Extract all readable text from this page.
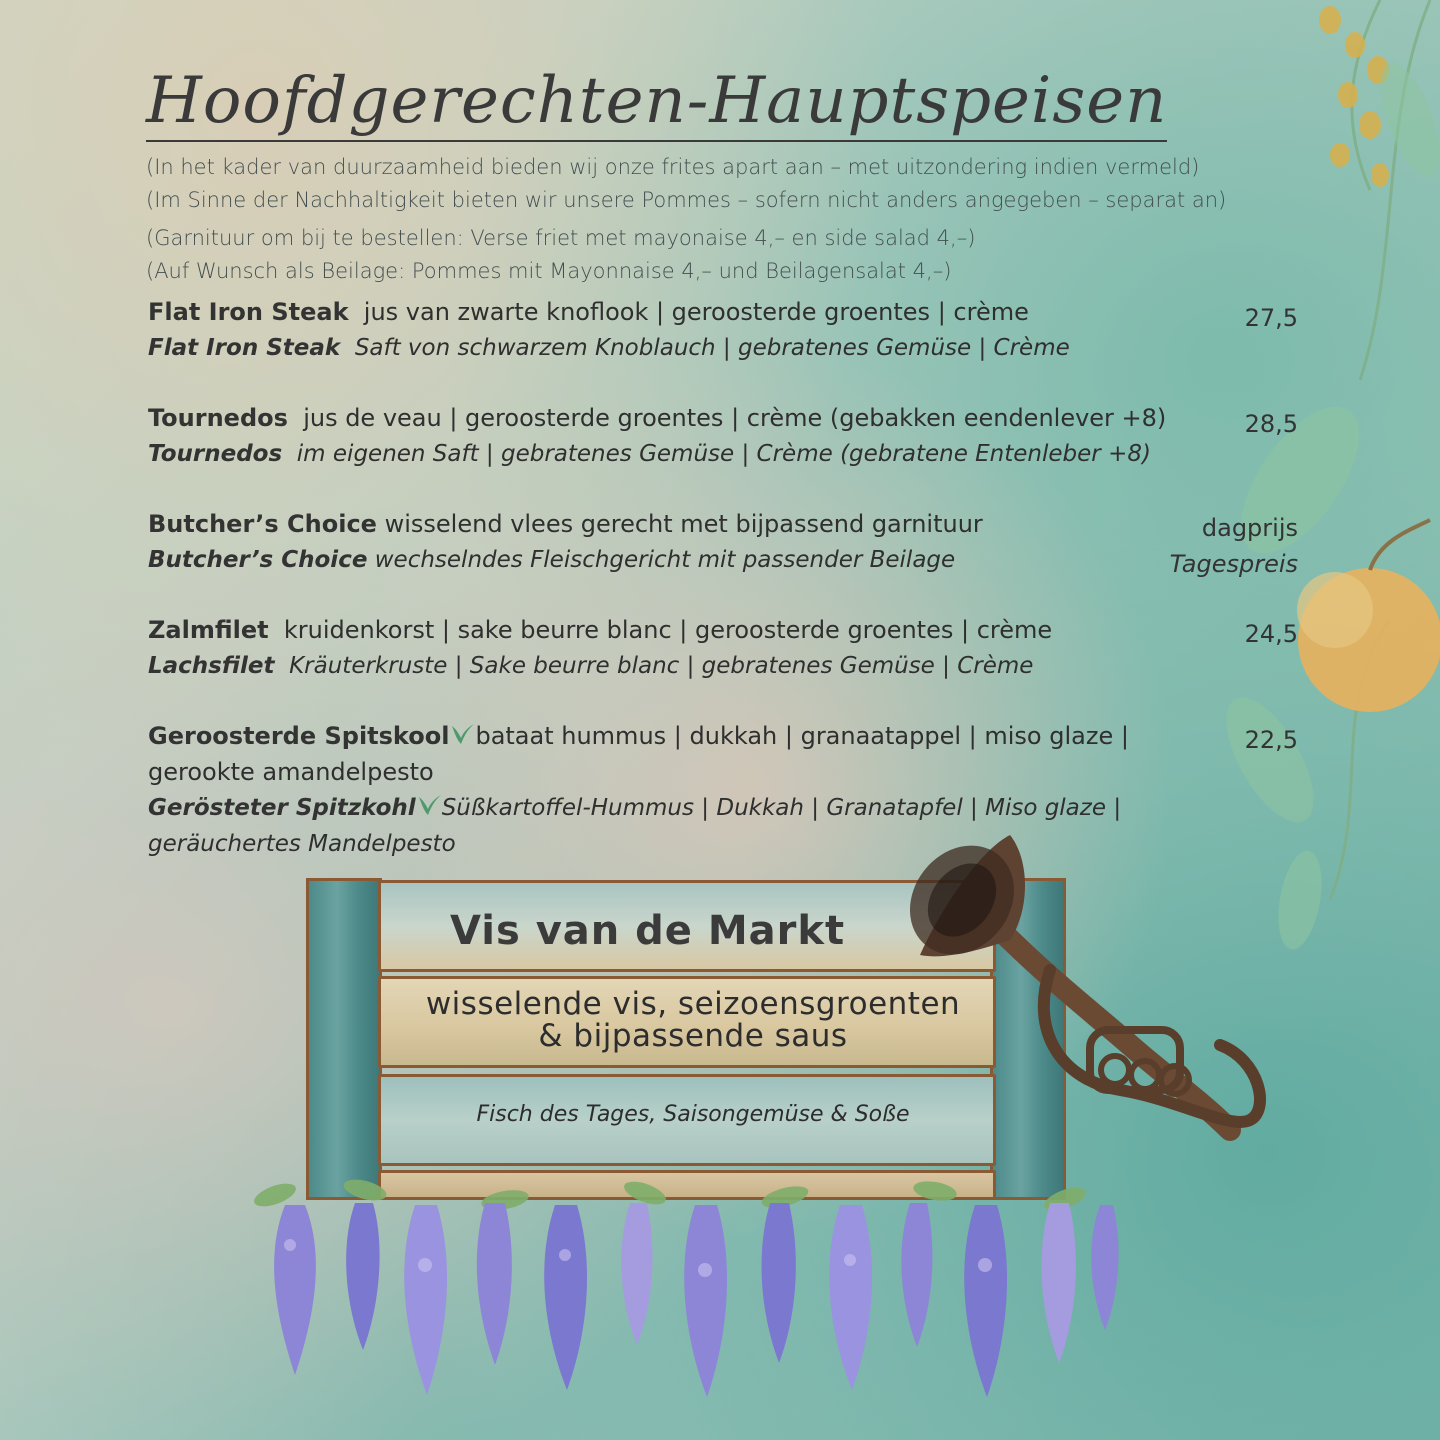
Hoofdgerechten-Hauptspeisen
(In het kader van duurzaamheid bieden wij onze frites apart aan – met uitzondering indien vermeld)
(Im Sinne der Nachhaltigkeit bieten wir unsere Pommes – sofern nicht anders angegeben – separat an)
(Garnituur om bij te bestellen: Verse friet met mayonaise 4,– en side salad 4,–)
(Auf Wunsch als Beilage: Pommes mit Mayonnaise 4,– und Beilagensalat 4,–)
Flat Iron Steak jus van zwarte knoflook | geroosterde groentes | crème	27,5
Flat Iron Steak Saft von schwarzem Knoblauch | gebratenes Gemüse | Crème
Tournedos jus de veau | geroosterde groentes | crème (gebakken eendenlever +8)	28,5
Tournedos im eigenen Saft | gebratenes Gemüse | Crème (gebratene Entenleber +8)
Butcher’s Choice wisselend vlees gerecht met bijpassend garnituur	dagprijs
Butcher’s Choice wechselndes Fleischgericht mit passender Beilage	Tagespreis
Zalmfilet kruidenkorst | sake beurre blanc | geroosterde groentes | crème	24,5
Lachsfilet Kräuterkruste | Sake beurre blanc | gebratenes Gemüse | Crème
Geroosterde Spitskool bataat hummus | dukkah | granaatappel | miso glaze |	22,5
gerookte amandelpesto
Gerösteter Spitzkohl Süßkartoffel-Hummus | Dukkah | Granatapfel | Miso glaze |
geräuchertes Mandelpesto
Vis van de Markt
wisselende vis, seizoensgroenten
& bijpassende saus
Fisch des Tages, Saisongemüse & Soße
